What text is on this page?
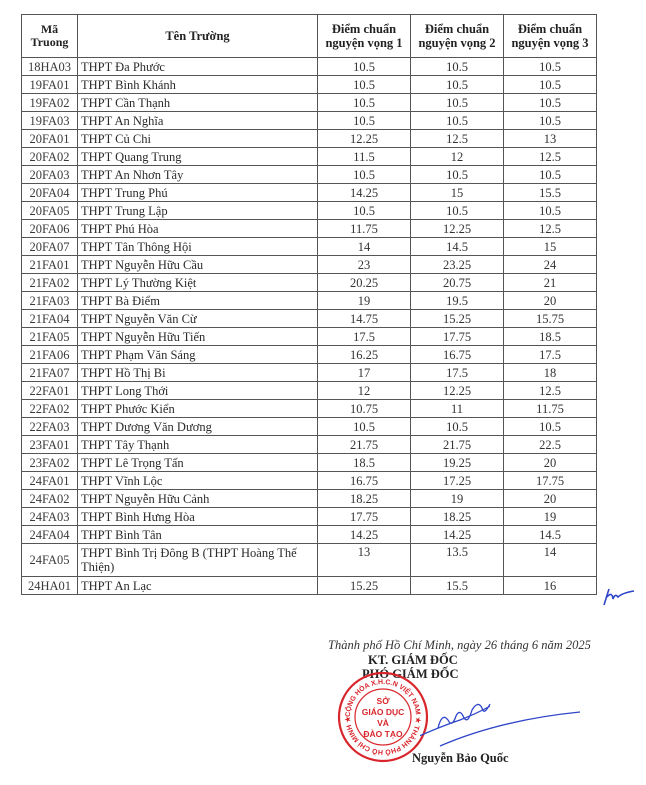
Mã Truong	Tên Trường	Điểm chuẩn nguyện vọng 1	Điểm chuẩn nguyện vọng 2	Điểm chuẩn nguyện vọng 3
18HA03	THPT Đa Phước	10.5	10.5	10.5
19FA01	THPT Bình Khánh	10.5	10.5	10.5
19FA02	THPT Cần Thạnh	10.5	10.5	10.5
19FA03	THPT An Nghĩa	10.5	10.5	10.5
20FA01	THPT Củ Chi	12.25	12.5	13
20FA02	THPT Quang Trung	11.5	12	12.5
20FA03	THPT An Nhơn Tây	10.5	10.5	10.5
20FA04	THPT Trung Phú	14.25	15	15.5
20FA05	THPT Trung Lập	10.5	10.5	10.5
20FA06	THPT Phú Hòa	11.75	12.25	12.5
20FA07	THPT Tân Thông Hội	14	14.5	15
21FA01	THPT Nguyễn Hữu Cầu	23	23.25	24
21FA02	THPT Lý Thường Kiệt	20.25	20.75	21
21FA03	THPT Bà Điểm	19	19.5	20
21FA04	THPT Nguyễn Văn Cừ	14.75	15.25	15.75
21FA05	THPT Nguyễn Hữu Tiến	17.5	17.75	18.5
21FA06	THPT Phạm Văn Sáng	16.25	16.75	17.5
21FA07	THPT Hồ Thị Bi	17	17.5	18
22FA01	THPT Long Thới	12	12.25	12.5
22FA02	THPT Phước Kiển	10.75	11	11.75
22FA03	THPT Dương Văn Dương	10.5	10.5	10.5
23FA01	THPT Tây Thạnh	21.75	21.75	22.5
23FA02	THPT Lê Trọng Tấn	18.5	19.25	20
24FA01	THPT Vĩnh Lộc	16.75	17.25	17.75
24FA02	THPT Nguyễn Hữu Cảnh	18.25	19	20
24FA03	THPT Bình Hưng Hòa	17.75	18.25	19
24FA04	THPT Bình Tân	14.25	14.25	14.5
24FA05	THPT Bình Trị Đông B (THPT Hoàng Thế Thiện)	13	13.5	14
24HA01	THPT An Lạc	15.25	15.5	16
Thành phố Hồ Chí Minh, ngày 26 tháng 6 năm 2025
KT. GIÁM ĐỐC
PHÓ GIÁM ĐỐC
CỘNG HÒA X.H.C.N VIỆT NAM ★ THÀNH PHỐ HỒ CHÍ MINH ★
SỞ
GIÁO DỤC
VÀ
ĐÀO TẠO
Nguyễn Bảo Quốc
